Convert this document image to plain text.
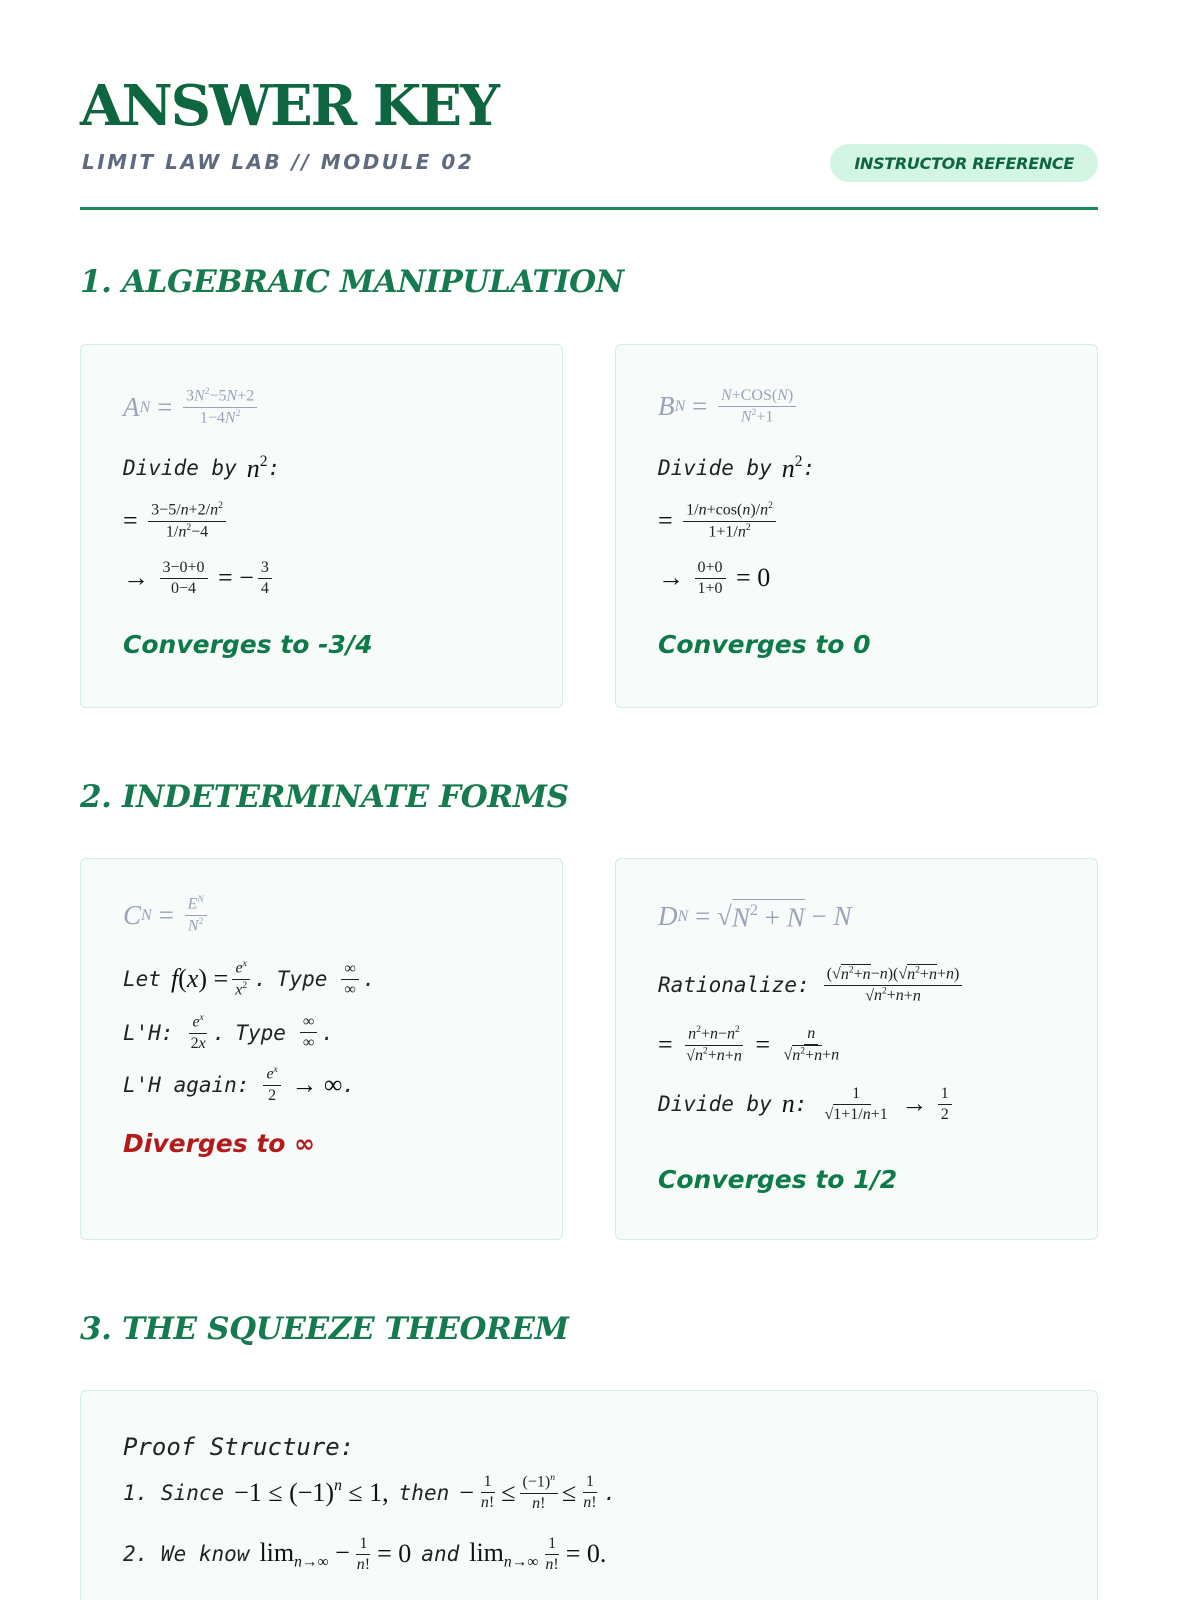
ANSWER KEY
LIMIT LAW LAB // MODULE 02	INSTRUCTOR REFERENCE
1. ALGEBRAIC MANIPULATION
A $N = \frac{3N^2-5N+2}{1-4N^2}$
Divide by $n^2$ :
= $\frac{3-5/n+2/n^2}{1/n^2-4}$
→ $\frac{3-0+0}{0-4}$ = − $\frac{3}{4}$
Converges to -3/4
B $N = \frac{\text{N+COS(N)}}{N^2+1}$
Divide by $n^2$ :
= $\frac{1/n+\cos(n)/n^2}{1+1/n^2}$
→ $\frac{0+0}{1+0} = 0$
Converges to 0
2. INDETERMINATE FORMS
C $N = \frac{E^N}{N^2}$
Let $f(x) = \frac{e^x}{x^2}$ . Type $\frac{\infty}{\infty}$ .
L'H: $\frac{e^x}{2x}$ . Type $\frac{\infty}{\infty}$ .
L'H again: $\frac{e^x}{2}$ → ∞ .
Diverges to ∞
D N = √ $N^2 + N - N$
Rationalize: $\frac{(√n^2+n-n)(√n^2+n+n)}{√n^2+n+n}$
= $\frac{n^2+n-n^2}{√n^2+n+n} = \frac{n}{√n^2+n+n}$
Divide by n : $\frac{1}{√1+1/n+1} \to \frac{1}{2}$
Converges to 1/2
3. THE SQUEEZE THEOREM
Proof Structure:
1. Since $-1 \le (-1)^n \le 1$, then − $\frac{1}{n!} \le \frac{(-1)^n}{n!} \le \frac{1}{n!}$ .
2. We know $\lim_{n\to\infty} - \frac{1}{n!} = 0$ and $\lim_{n\to\infty} \frac{1}{n!} = 0$.
